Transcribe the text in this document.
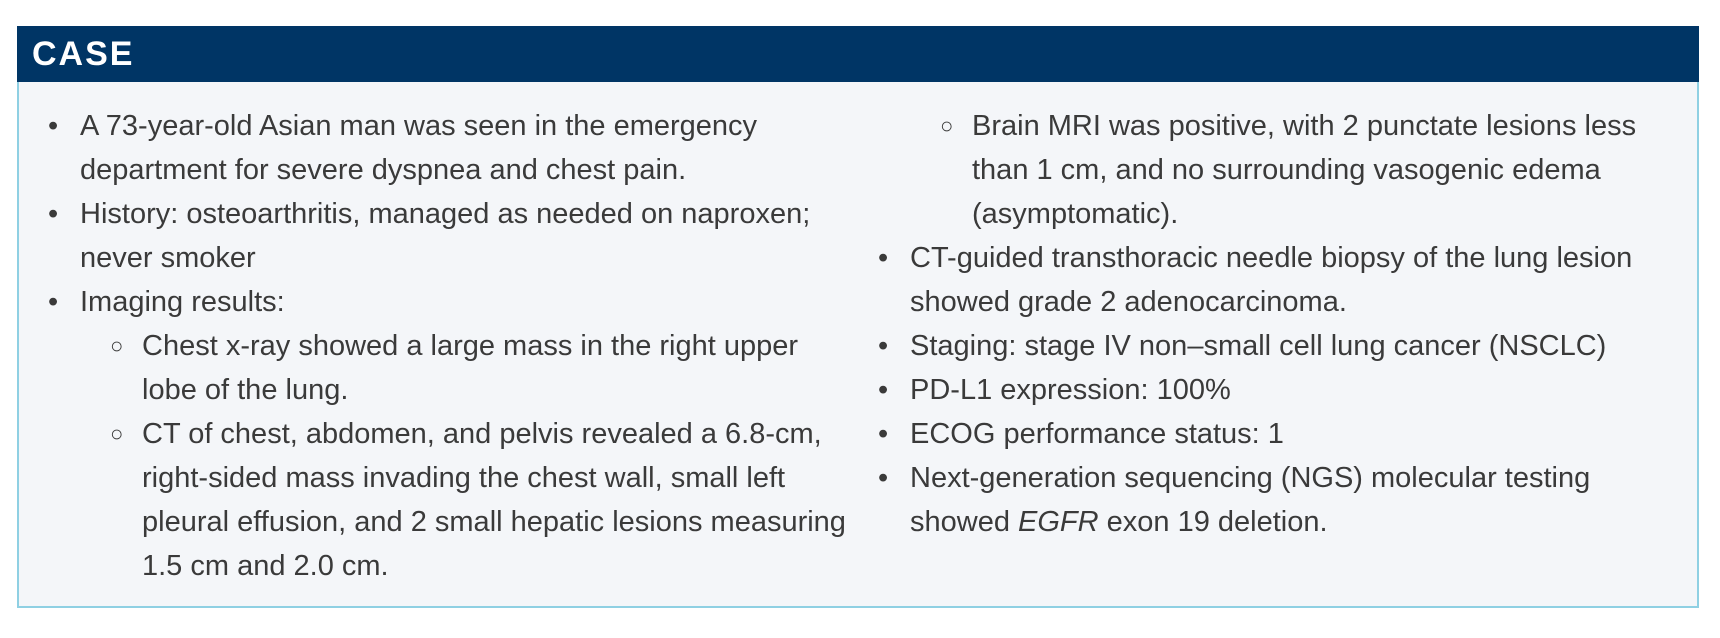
CASE
• A 73-year-old Asian man was seen in the emergency department for severe dyspnea and chest pain.
• History: osteoarthritis, managed as needed on naproxen; never smoker
• Imaging results:
○ Chest x-ray showed a large mass in the right upper lobe of the lung.
○ CT of chest, abdomen, and pelvis revealed a 6.8-cm, right-sided mass invading the chest wall, small left pleural effusion, and 2 small hepatic lesions measuring 1.5 cm and 2.0 cm.
○ Brain MRI was positive, with 2 punctate lesions less than 1 cm, and no surrounding vasogenic edema (asymptomatic).
• CT-guided transthoracic needle biopsy of the lung lesion showed grade 2 adenocarcinoma.
• Staging: stage IV non–small cell lung cancer (NSCLC)
• PD-L1 expression: 100%
• ECOG performance status: 1
• Next-generation sequencing (NGS) molecular testing showed EGFR exon 19 deletion.
